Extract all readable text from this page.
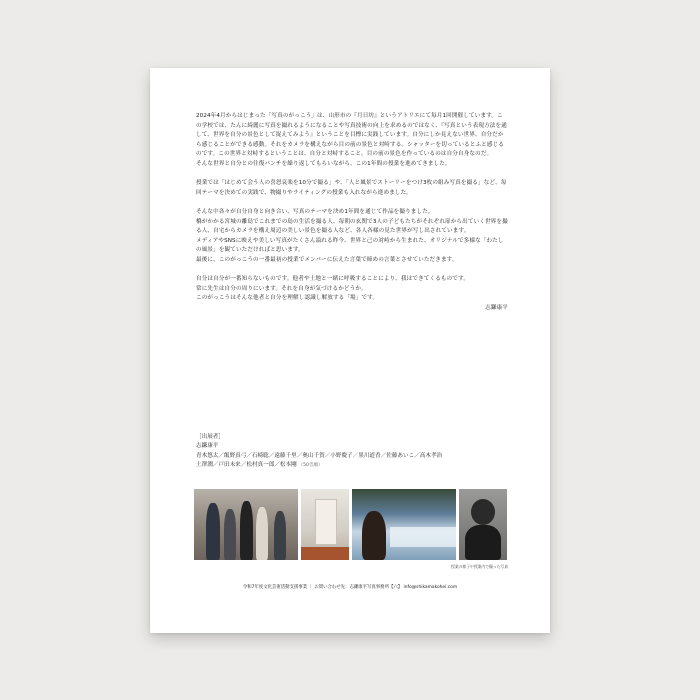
2024年4月からはじまった「写真のがっこう」は、山形市の『月日坊』というアトリエにて毎月1回開催しています。この学校では、たんに綺麗に写真を撮れるようになることや写真技術の向上を求めるのではなく、『写真という表現方法を通して、世界を自分の景色として捉えてみよう』ということを目標に実践しています。自分にしか見えない世界、自分だから感じることができる感動。それをカメラを構えながら目の前の景色と対峙する。シャッターを切っているとふと感じるのです。この世界と対峙するということは、自分と対峙すること。目の前の景色を作っているのは自分自身なのだ。

そんな世界と自分との往復パンチを繰り返してもらいながら、この1年間の授業を進めてきました。

授業では「はじめて会う人の喜怒哀楽を10分で撮る」や、「人と風景でストーリーをつけ3枚の組み写真を撮る」など、毎回テーマを決めての実践で、物撮りやライティングの授業も入れながら進めました。

そんな中各々が自分自身と向き合い、写真のテーマを決め1年間を通じて作品を撮りました。

橋がかかる宮城の離島でこれまでの島の生活を撮る人、毎朝の玄関で3人の子どもたちがそれぞれ扉から出ていく世界を撮る人、自宅からカメラを構え周辺の美しい景色を撮る人など、各人各様の見た世界が写し出されています。

メディアやSNSに映えや美しい写真がたくさん溢れる昨今、世界と己の対峙から生まれた、オリジナルで多様な「わたしの風景」を観ていただければと思います。

最後に、このがっこうの一番最初の授業でメンバーに伝えた言葉で締めの言葉とさせていただきます。

自分は自分が一番知らないものです。他者や土地と一緒に呼吸することにより、我はできてくるものです。

常に先生は自分の周りにいます。それを自身が気づけるかどうか。

このがっこうはそんな他者と自分を理解し認識し解放する「場」です。

志鎌康平

［出展者］
志鎌康平
青木悠太／飯野真弓／石崎聡／遠藤千里／奥山千賀／小野慶子／黒川道香／佐藤あいこ／高木孝治
土澤潤／戸田未来／松村真一郎／松本剛 （50音順）
授業の様子や授業内で撮った写真
令和7年度文化芸術活動支援事業 ｜ お問い合わせ先：志鎌康平写真事務所【六】 info@shikamakohei.com
